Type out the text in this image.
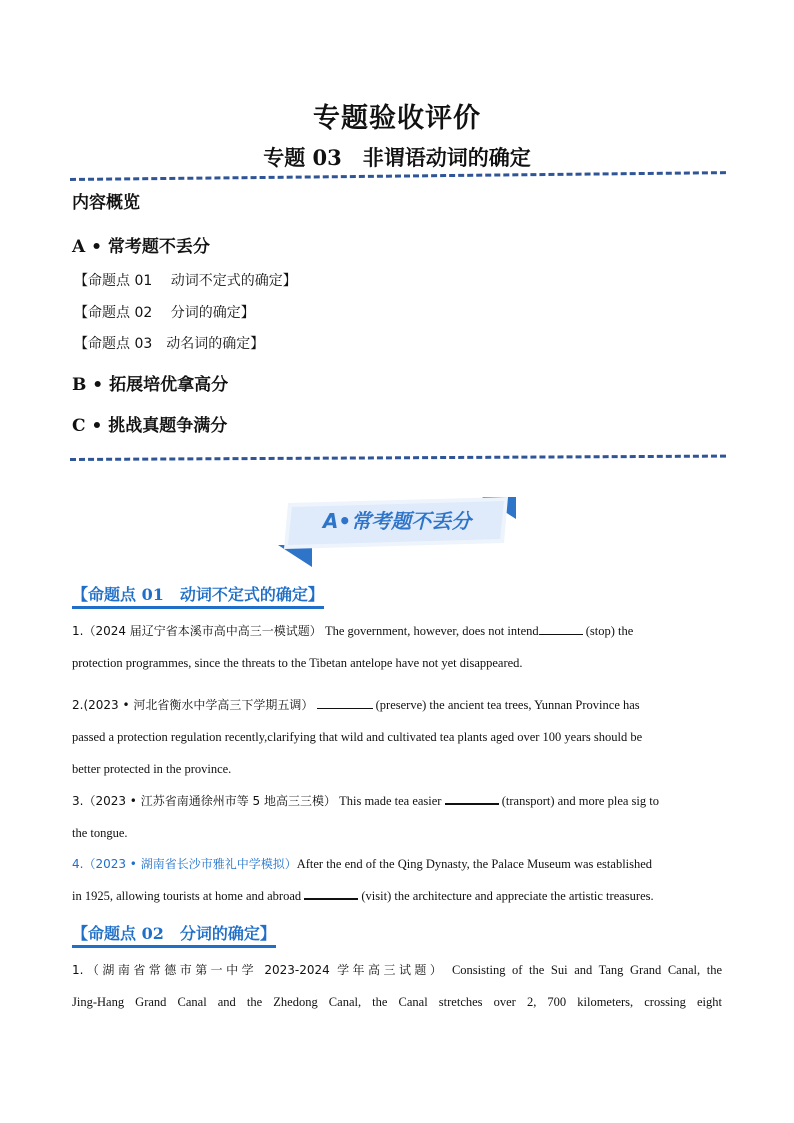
专题验收评价
专题 03　非谓语动词的确定
内容概览
A • 常考题不丢分
【命题点 01　 动词不定式的确定】
【命题点 02　 分词的确定】
【命题点 03　动名词的确定】
B • 拓展培优拿高分
C • 挑战真题争满分
A•常考题不丢分
【命题点 01　动词不定式的确定】
1.（2024 届辽宁省本溪市高中高三一模试题） The government, however, does not intend	(stop) the
protection programmes, since the threats to the Tibetan antelope have not yet disappeared.
2.(2023 • 河北省衡水中学高三下学期五调）	(preserve) the ancient tea trees, Yunnan Province has
passed a protection regulation recently,clarifying that wild and cultivated tea plants aged over 100 years should be
better protected in the province.
3.（2023 • 江苏省南通徐州市等 5 地高三三模） This made tea easier	(transport) and more plea sig to
the tongue.
4.（2023 • 湖南省长沙市雅礼中学模拟）After the end of the Qing Dynasty, the Palace Museum was established
in 1925, allowing tourists at home and abroad	(visit) the architecture and appreciate the artistic treasures.
【命题点 02　分词的确定】
1.（湖南省常德市第一中学 2023-2024 学年高三试题） Consisting of the Sui and Tang Grand Canal, the
Jing-Hang Grand Canal and the Zhedong Canal, the Canal stretches over 2, 700 kilometers, crossing eight
